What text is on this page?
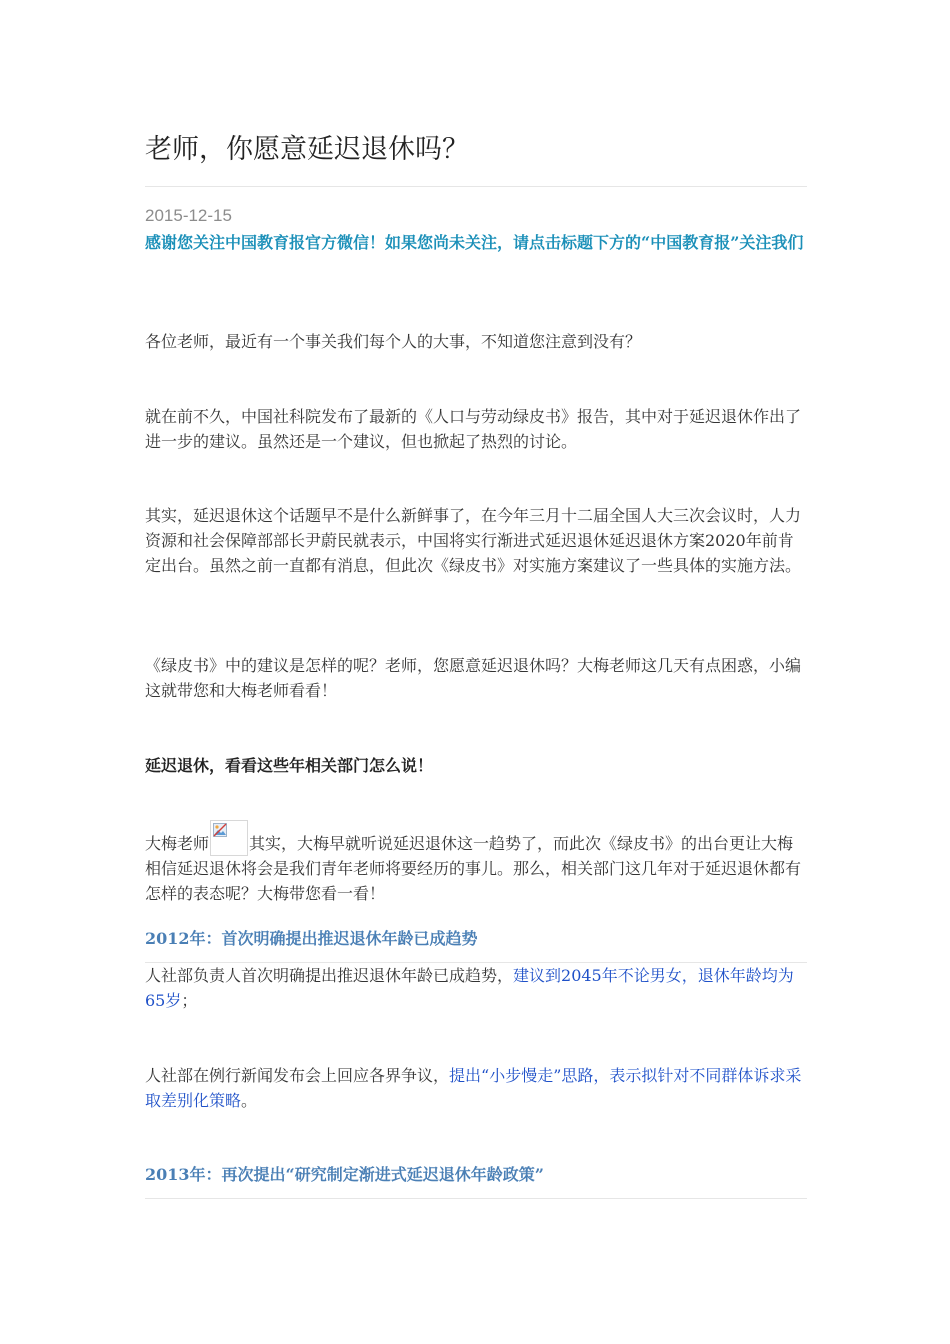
老师，你愿意延迟退休吗？
2015-12-15

感谢您关注中国教育报官方微信！如果您尚未关注，请点击标题下方的“中国教育报”关注我们

各位老师，最近有一个事关我们每个人的大事，不知道您注意到没有？

就在前不久，中国社科院发布了最新的《人口与劳动绿皮书》报告，其中对于延迟退休作出了进一步的建议。虽然还是一个建议，但也掀起了热烈的讨论。

其实，延迟退休这个话题早不是什么新鲜事了，在今年三月十二届全国人大三次会议时，人力资源和社会保障部部长尹蔚民就表示，中国将实行渐进式延迟退休延迟退休方案2020年前肯定出台。虽然之前一直都有消息，但此次《绿皮书》对实施方案建议了一些具体的实施方法。

《绿皮书》中的建议是怎样的呢？老师，您愿意延迟退休吗？大梅老师这几天有点困惑，小编这就带您和大梅老师看看！

延迟退休，看看这些年相关部门怎么说！

大梅老师	其实，大梅早就听说延迟退休这一趋势了，而此次《绿皮书》的出台更让大梅相信延迟退休将会是我们青年老师将要经历的事儿。那么，相关部门这几年对于延迟退休都有怎样的表态呢？大梅带您看一看！

2012年：首次明确提出推迟退休年龄已成趋势

人社部负责人首次明确提出推迟退休年龄已成趋势，建议到2045年不论男女，退休年龄均为65岁；

人社部在例行新闻发布会上回应各界争议，提出“小步慢走”思路，表示拟针对不同群体诉求采取差别化策略。

2013年：再次提出“研究制定渐进式延迟退休年龄政策”
